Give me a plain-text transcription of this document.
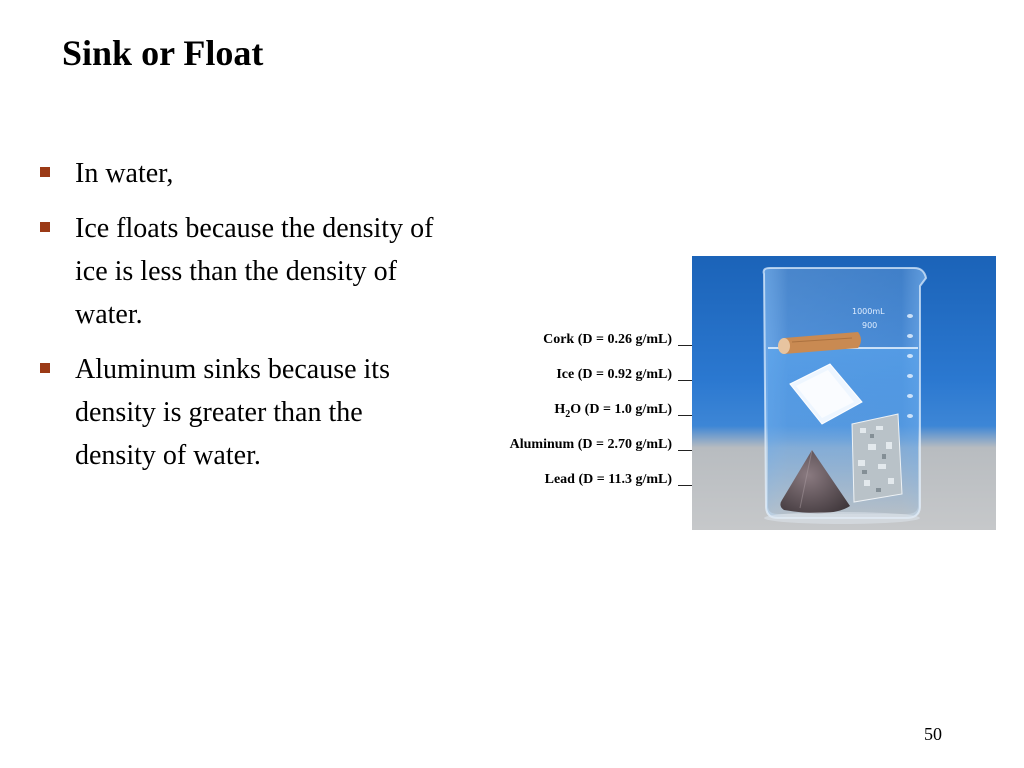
Sink or Float
In water,
Ice floats because the density of ice is less than the density of water.
Aluminum sinks because its density is greater than the density of water.
Cork (D = 0.26 g/mL)
Ice (D = 0.92 g/mL)
$H_2O$ (D = 1.0 g/mL)
Aluminum (D = 2.70 g/mL)
Lead (D = 11.3 g/mL)
1000mL
900
50
